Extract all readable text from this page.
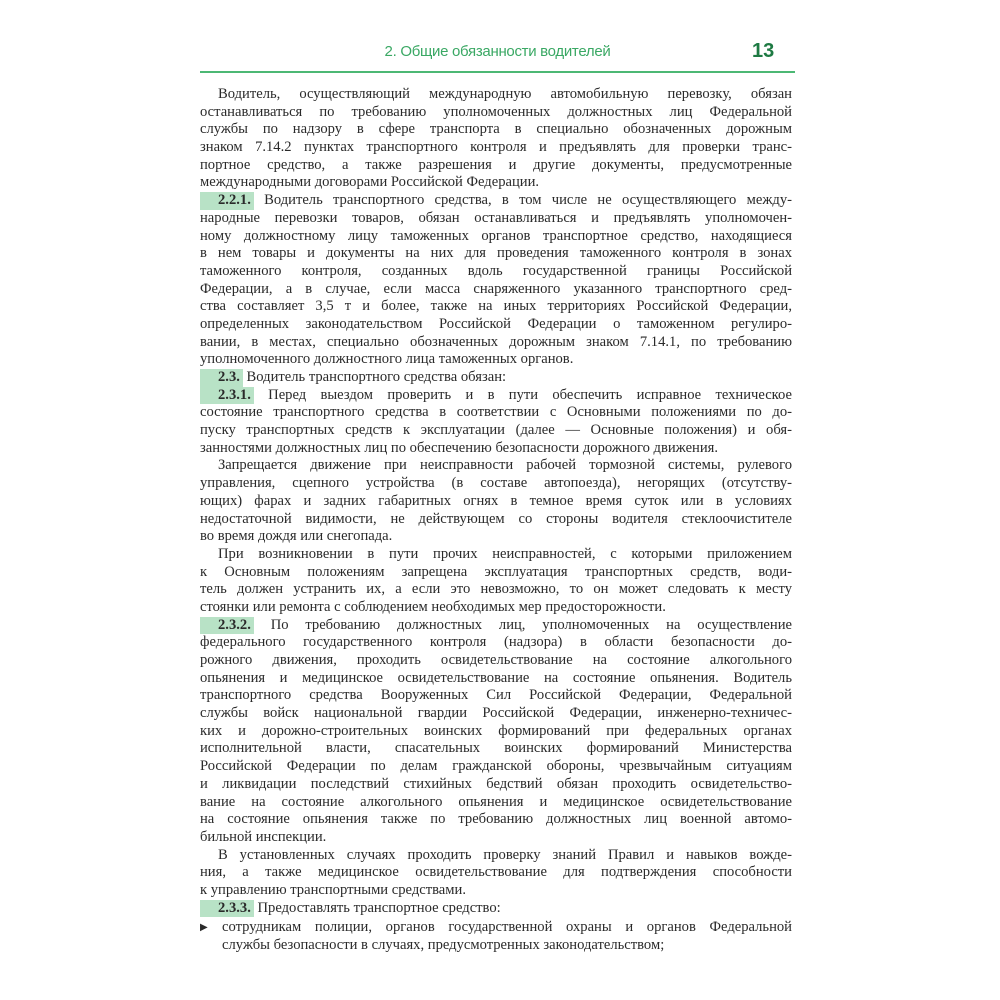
2. Общие обязанности водителей	13
Водитель, осуществляющий международную автомобильную перевозку, обязан
останавливаться по требованию уполномоченных должностных лиц Федеральной
службы по надзору в сфере транспорта в специально обозначенных дорожным
знаком 7.14.2 пунктах транспортного контроля и предъявлять для проверки транс-
портное средство, а также разрешения и другие документы, предусмотренные
международными договорами Российской Федерации.
2.2.1. Водитель транспортного средства, в том числе не осуществляющего между-
народные перевозки товаров, обязан останавливаться и предъявлять уполномочен-
ному должностному лицу таможенных органов транспортное средство, находящиеся
в нем товары и документы на них для проведения таможенного контроля в зонах
таможенного контроля, созданных вдоль государственной границы Российской
Федерации, а в случае, если масса снаряженного указанного транспортного сред-
ства составляет 3,5 т и более, также на иных территориях Российской Федерации,
определенных законодательством Российской Федерации о таможенном регулиро-
вании, в местах, специально обозначенных дорожным знаком 7.14.1, по требованию
уполномоченного должностного лица таможенных органов.
2.3. Водитель транспортного средства обязан:
2.3.1. Перед выездом проверить и в пути обеспечить исправное техническое
состояние транспортного средства в соответствии с Основными положениями по до-
пуску транспортных средств к эксплуатации (далее — Основные положения) и обя-
занностями должностных лиц по обеспечению безопасности дорожного движения.
Запрещается движение при неисправности рабочей тормозной системы, рулевого
управления, сцепного устройства (в составе автопоезда), негорящих (отсутству-
ющих) фарах и задних габаритных огнях в темное время суток или в условиях
недостаточной видимости, не действующем со стороны водителя стеклоочистителе
во время дождя или снегопада.
При возникновении в пути прочих неисправностей, с которыми приложением
к Основным положениям запрещена эксплуатация транспортных средств, води-
тель должен устранить их, а если это невозможно, то он может следовать к месту
стоянки или ремонта с соблюдением необходимых мер предосторожности.
2.3.2. По требованию должностных лиц, уполномоченных на осуществление
федерального государственного контроля (надзора) в области безопасности до-
рожного движения, проходить освидетельствование на состояние алкогольного
опьянения и медицинское освидетельствование на состояние опьянения. Водитель
транспортного средства Вооруженных Сил Российской Федерации, Федеральной
службы войск национальной гвардии Российской Федерации, инженерно-техничес-
ких и дорожно-строительных воинских формирований при федеральных органах
исполнительной власти, спасательных воинских формирований Министерства
Российской Федерации по делам гражданской обороны, чрезвычайным ситуациям
и ликвидации последствий стихийных бедствий обязан проходить освидетельство-
вание на состояние алкогольного опьянения и медицинское освидетельствование
на состояние опьянения также по требованию должностных лиц военной автомо-
бильной инспекции.
В установленных случаях проходить проверку знаний Правил и навыков вожде-
ния, а также медицинское освидетельствование для подтверждения способности
к управлению транспортными средствами.
2.3.3. Предоставлять транспортное средство:
▶ сотрудникам полиции, органов государственной охраны и органов Федеральной
службы безопасности в случаях, предусмотренных законодательством;
